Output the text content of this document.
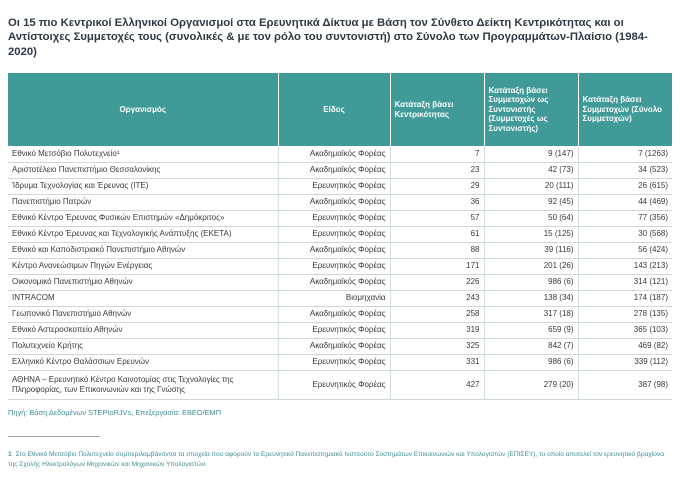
Οι 15 πιο Κεντρικοί Ελληνικοί Οργανισμοί στα Ερευνητικά Δίκτυα με Βάση τον Σύνθετο Δείκτη Κεντρικότητας και οι Αντίστοιχες Συμμετοχές τους (συνολικές & με τον ρόλο του συντονιστή) στο Σύνολο των Προγραμμάτων-Πλαίσιο (1984-2020)
Οργανισμός	Είδος	Κατάταξη βάσει Κεντρικότητας	Κατάταξη βάσει Συμμετοχών ως Συντονιστής (Συμμετοχές ως Συντονιστής)	Κατάταξη βάσει Συμμετοχών (Σύνολο Συμμετοχών)
Εθνικό Μετσόβιο Πολυτεχνείο¹	Ακαδημαϊκός Φορέας	7	9 (147)	7 (1263)
Αριστοτέλειο Πανεπιστήμιο Θεσσαλονίκης	Ακαδημαϊκός Φορέας	23	42 (73)	34 (523)
Ίδρυμα Τεχνολογίας και Έρευνας (ΙΤΕ)	Ερευνητικός Φορέας	29	20 (111)	26 (615)
Πανεπιστήμιο Πατρών	Ακαδημαϊκός Φορέας	36	92 (45)	44 (469)
Εθνικό Κέντρο Έρευνας Φυσικών Επιστημών «Δημόκριτος»	Ερευνητικός Φορέας	57	50 (64)	77 (356)
Εθνικό Κέντρο Έρευνας και Τεχνολογικής Ανάπτυξης (ΕΚΕΤΑ)	Ερευνητικός Φορέας	61	15 (125)	30 (568)
Εθνικό και Καποδιστριακό Πανεπιστήμιο Αθηνών	Ακαδημαϊκός Φορέας	88	39 (116)	56 (424)
Κέντρο Ανανεώσιμων Πηγών Ενέργειας	Ερευνητικός Φορέας	171	201 (26)	143 (213)
Οικονομικό Πανεπιστήμιο Αθηνών	Ακαδημαϊκός Φορέας	226	986 (6)	314 (121)
INTRACOM	Βιομηχανία	243	138 (34)	174 (187)
Γεωπονικό Πανεπιστήμιο Αθηνών	Ακαδημαϊκός Φορέας	258	317 (18)	278 (135)
Εθνικό Αστεροσκοπείο Αθηνών	Ερευνητικός Φορέας	319	659 (9)	365 (103)
Πολυτεχνείο Κρήτης	Ακαδημαϊκός Φορέας	325	842 (7)	469 (82)
Ελληνικό Κέντρο Θαλάσσιων Ερευνών	Ερευνητικός Φορέας	331	986 (6)	339 (112)
ΑΘΗΝΑ – Ερευνητικό Κέντρο Καινοτομίας στις Τεχνολογίες της Πληροφορίας, των Επικοινωνιών και της Γνώσης	Ερευνητικός Φορέας	427	279 (20)	387 (98)
Πηγή: Βάση Δεδομένων STEPtoRJVs, Επεξεργασία: ΕΒΕΟ/ΕΜΠ

1 Στο Εθνικό Μετσόβιο Πολυτεχνείο συμπεριλαμβάνονται τα στοιχεία που αφορούν το Ερευνητικό Πανεπιστημιακό Ινστιτούτο Συστημάτων Επικοινωνιών και Υπολογιστών (ΕΠΙΣΕΥ), το οποίο αποτελεί τον ερευνητικό βραχίονα της Σχολής Ηλεκτρολόγων Μηχανικών και Μηχανικών Υπολογιστών.
